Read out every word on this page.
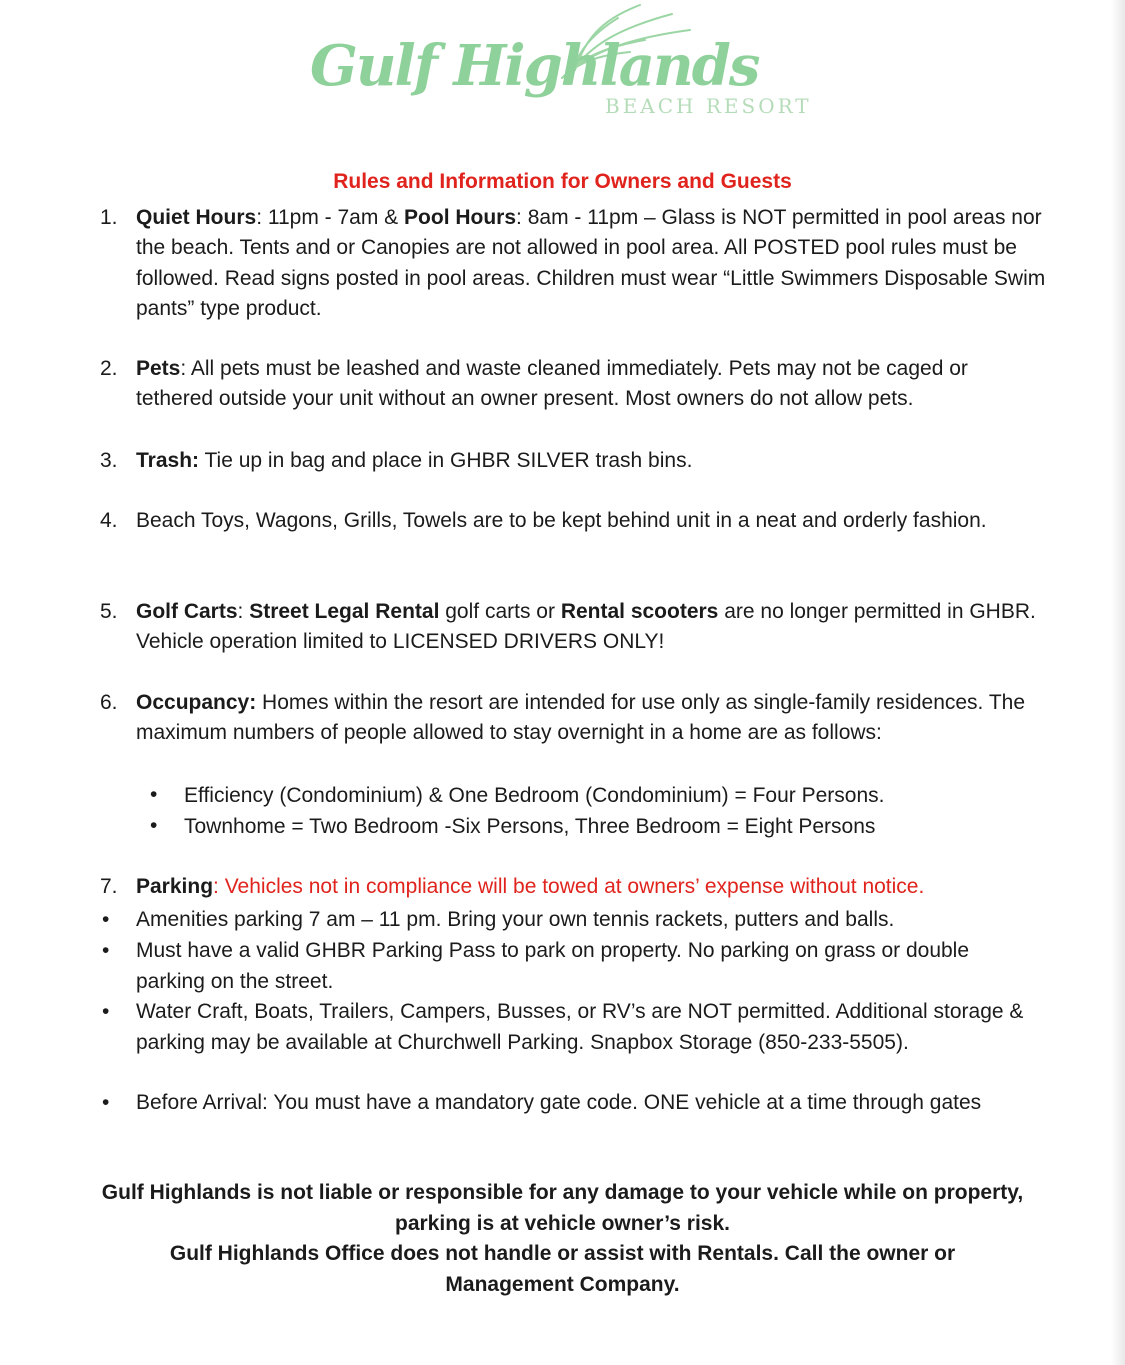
Gulf Highlands
BEACH RESORT
Rules and Information for Owners and Guests
1. Quiet Hours: 11pm - 7am & Pool Hours: 8am - 11pm – Glass is NOT permitted in pool areas nor the beach. Tents and or Canopies are not allowed in pool area. All POSTED pool rules must be followed. Read signs posted in pool areas. Children must wear “Little Swimmers Disposable Swim pants” type product.
2. Pets: All pets must be leashed and waste cleaned immediately. Pets may not be caged or tethered outside your unit without an owner present. Most owners do not allow pets.
3. Trash: Tie up in bag and place in GHBR SILVER trash bins.
4. Beach Toys, Wagons, Grills, Towels are to be kept behind unit in a neat and orderly fashion.
5. Golf Carts: Street Legal Rental golf carts or Rental scooters are no longer permitted in GHBR. Vehicle operation limited to LICENSED DRIVERS ONLY!
6. Occupancy: Homes within the resort are intended for use only as single-family residences. The maximum numbers of people allowed to stay overnight in a home are as follows:
• Efficiency (Condominium) & One Bedroom (Condominium) = Four Persons.
• Townhome = Two Bedroom -Six Persons, Three Bedroom = Eight Persons
7. Parking: Vehicles not in compliance will be towed at owners’ expense without notice.
• Amenities parking 7 am – 11 pm. Bring your own tennis rackets, putters and balls.
• Must have a valid GHBR Parking Pass to park on property. No parking on grass or double parking on the street.
• Water Craft, Boats, Trailers, Campers, Busses, or RV’s are NOT permitted. Additional storage & parking may be available at Churchwell Parking. Snapbox Storage (850-233-5505).
• Before Arrival: You must have a mandatory gate code. ONE vehicle at a time through gates
Gulf Highlands is not liable or responsible for any damage to your vehicle while on property, parking is at vehicle owner’s risk.
Gulf Highlands Office does not handle or assist with Rentals. Call the owner or Management Company.
